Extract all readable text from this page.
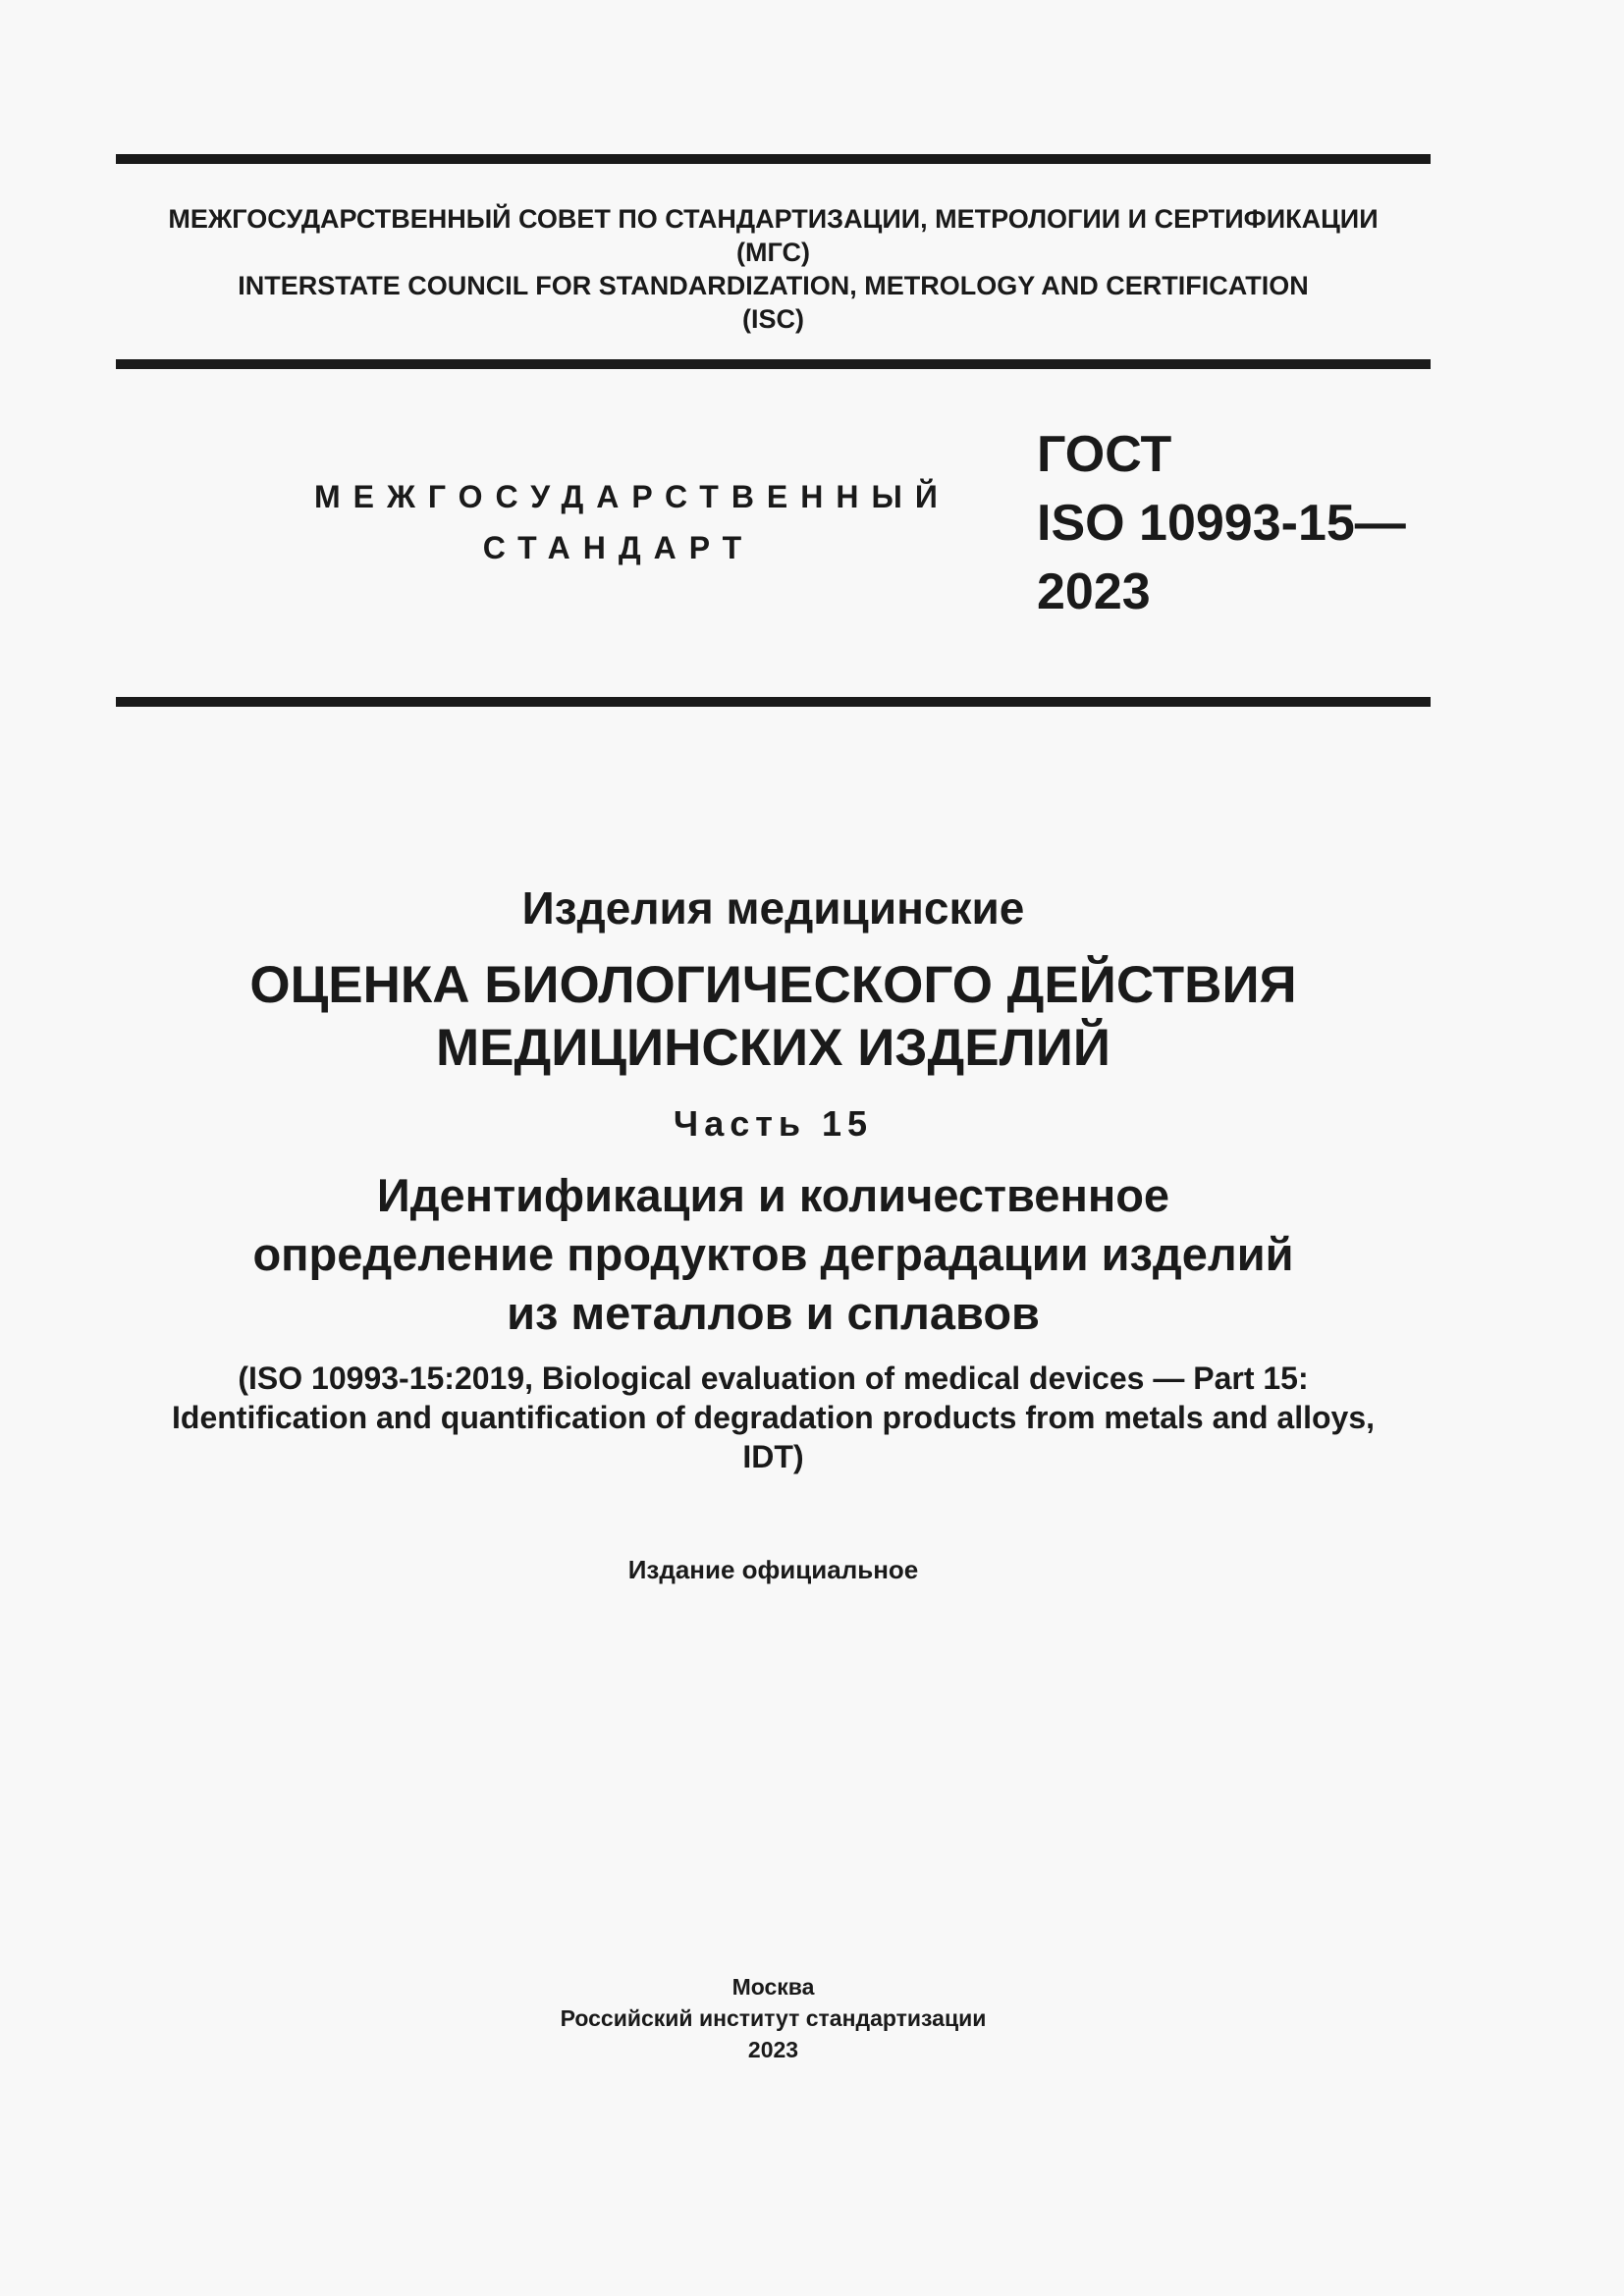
МЕЖГОСУДАРСТВЕННЫЙ СОВЕТ ПО СТАНДАРТИЗАЦИИ, МЕТРОЛОГИИ И СЕРТИФИКАЦИИ
(МГС)
INTERSTATE COUNCIL FOR STANDARDIZATION, METROLOGY AND CERTIFICATION
(ISC)
МЕЖГОСУДАРСТВЕННЫЙ
СТАНДАРТ
ГОСТ
ISO 10993-15—
2023
Изделия медицинские
ОЦЕНКА БИОЛОГИЧЕСКОГО ДЕЙСТВИЯ
МЕДИЦИНСКИХ ИЗДЕЛИЙ
Часть 15
Идентификация и количественное
определение продуктов деградации изделий
из металлов и сплавов
(ISO 10993-15:2019, Biological evaluation of medical devices — Part 15:
Identification and quantification of degradation products from metals and alloys,
IDT)
Издание официальное
Москва
Российский институт стандартизации
2023
